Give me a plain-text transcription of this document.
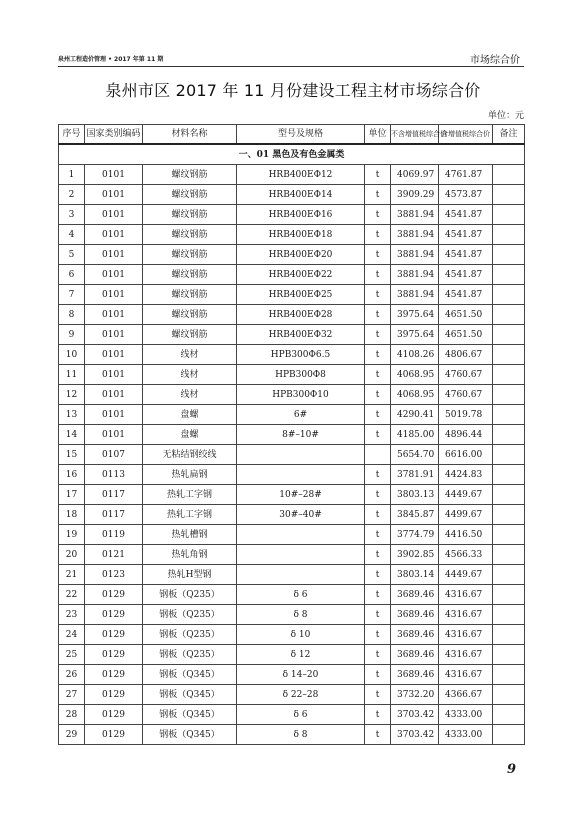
泉州工程造价管理 • 2017 年第 11 期	市场综合价
泉州市区 2017 年 11 月份建设工程主材市场综合价
单位：元
序号	国家类别编码	材料名称	型号及规格	单位	不含增值税综合价	含增值税综合价	备注
一、01 黑色及有色金属类							
1	0101	螺纹钢筋	HRB400EΦ12	t	4069.97	4761.87	
2	0101	螺纹钢筋	HRB400EΦ14	t	3909.29	4573.87	
3	0101	螺纹钢筋	HRB400EΦ16	t	3881.94	4541.87	
4	0101	螺纹钢筋	HRB400EΦ18	t	3881.94	4541.87	
5	0101	螺纹钢筋	HRB400EΦ20	t	3881.94	4541.87	
6	0101	螺纹钢筋	HRB400EΦ22	t	3881.94	4541.87	
7	0101	螺纹钢筋	HRB400EΦ25	t	3881.94	4541.87	
8	0101	螺纹钢筋	HRB400EΦ28	t	3975.64	4651.50	
9	0101	螺纹钢筋	HRB400EΦ32	t	3975.64	4651.50	
10	0101	线材	HPB300Φ6.5	t	4108.26	4806.67	
11	0101	线材	HPB300Φ8	t	4068.95	4760.67	
12	0101	线材	HPB300Φ10	t	4068.95	4760.67	
13	0101	盘螺	6#	t	4290.41	5019.78	
14	0101	盘螺	8#–10#	t	4185.00	4896.44	
15	0107	无粘结钢绞线			5654.70	6616.00	
16	0113	热轧扁钢		t	3781.91	4424.83	
17	0117	热轧工字钢	10#–28#	t	3803.13	4449.67	
18	0117	热轧工字钢	30#–40#	t	3845.87	4499.67	
19	0119	热轧槽钢		t	3774.79	4416.50	
20	0121	热轧角钢		t	3902.85	4566.33	
21	0123	热轧H型钢		t	3803.14	4449.67	
22	0129	钢板（Q235）	δ 6	t	3689.46	4316.67	
23	0129	钢板（Q235）	δ 8	t	3689.46	4316.67	
24	0129	钢板（Q235）	δ 10	t	3689.46	4316.67	
25	0129	钢板（Q235）	δ 12	t	3689.46	4316.67	
26	0129	钢板（Q345）	δ 14–20	t	3689.46	4316.67	
27	0129	钢板（Q345）	δ 22–28	t	3732.20	4366.67	
28	0129	钢板（Q345）	δ 6	t	3703.42	4333.00	
29	0129	钢板（Q345）	δ 8	t	3703.42	4333.00	
9
